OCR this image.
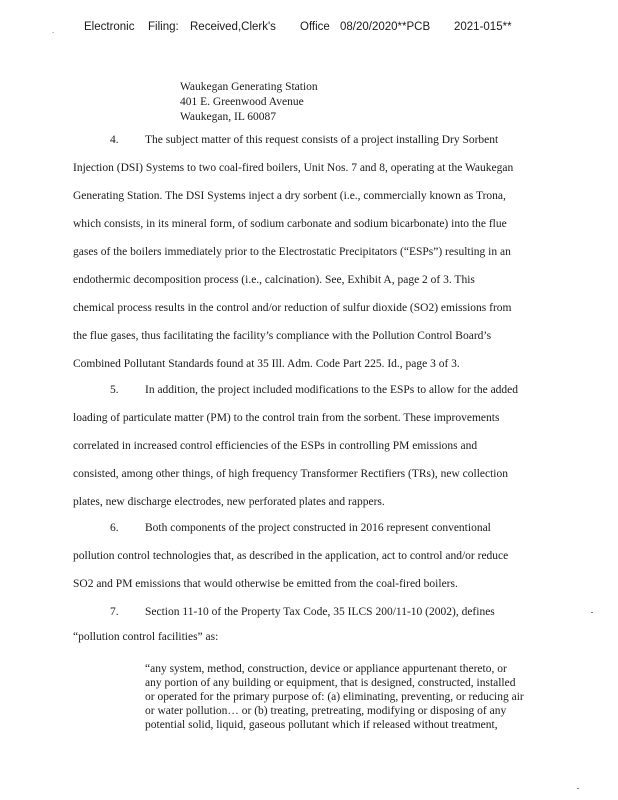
.	Electronic Filing: Received,Clerk's Office 08/20/2020**PCB 2021-015**
Waukegan Generating Station
401 E. Greenwood Avenue
Waukegan, IL 60087
4. The subject matter of this request consists of a project installing Dry Sorbent
Injection (DSI) Systems to two coal-fired boilers, Unit Nos. 7 and 8, operating at the Waukegan
Generating Station. The DSI Systems inject a dry sorbent (i.e., commercially known as Trona,
which consists, in its mineral form, of sodium carbonate and sodium bicarbonate) into the flue
gases of the boilers immediately prior to the Electrostatic Precipitators (“ESPs”) resulting in an
endothermic decomposition process (i.e., calcination). See, Exhibit A, page 2 of 3. This
chemical process results in the control and/or reduction of sulfur dioxide (SO2) emissions from
the flue gases, thus facilitating the facility’s compliance with the Pollution Control Board’s
Combined Pollutant Standards found at 35 Ill. Adm. Code Part 225. Id., page 3 of 3.
5. In addition, the project included modifications to the ESPs to allow for the added
loading of particulate matter (PM) to the control train from the sorbent. These improvements
correlated in increased control efficiencies of the ESPs in controlling PM emissions and
consisted, among other things, of high frequency Transformer Rectifiers (TRs), new collection
plates, new discharge electrodes, new perforated plates and rappers.
6. Both components of the project constructed in 2016 represent conventional
pollution control technologies that, as described in the application, act to control and/or reduce
SO2 and PM emissions that would otherwise be emitted from the coal-fired boilers.
7. Section 11-10 of the Property Tax Code, 35 ILCS 200/11-10 (2002), defines
“pollution control facilities” as:
“any system, method, construction, device or appliance appurtenant thereto, or
any portion of any building or equipment, that is designed, constructed, installed
or operated for the primary purpose of: (a) eliminating, preventing, or reducing air
or water pollution… or (b) treating, pretreating, modifying or disposing of any
potential solid, liquid, gaseous pollutant which if released without treatment,
